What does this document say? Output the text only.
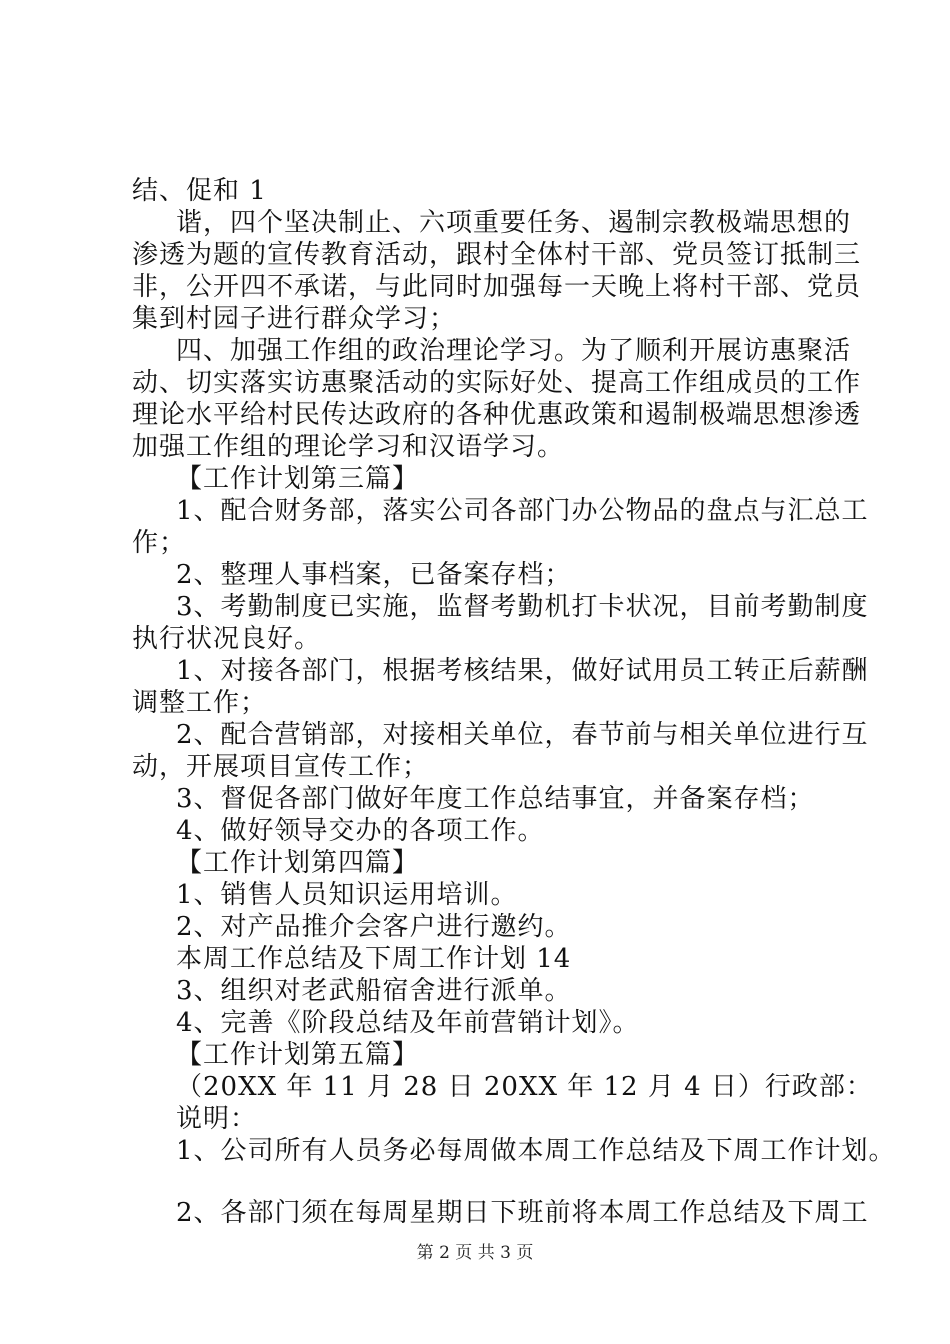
结、促和 1
谐，四个坚决制止、六项重要任务、遏制宗教极端思想的
渗透为题的宣传教育活动，跟村全体村干部、党员签订抵制三
非，公开四不承诺，与此同时加强每一天晚上将村干部、党员
集到村园子进行群众学习；
四、加强工作组的政治理论学习。为了顺利开展访惠聚活
动、切实落实访惠聚活动的实际好处、提高工作组成员的工作
理论水平给村民传达政府的各种优惠政策和遏制极端思想渗透
加强工作组的理论学习和汉语学习。
【工作计划第三篇】
1、配合财务部，落实公司各部门办公物品的盘点与汇总工
作；
2、整理人事档案，已备案存档；
3、考勤制度已实施，监督考勤机打卡状况，目前考勤制度
执行状况良好。
1、对接各部门，根据考核结果，做好试用员工转正后薪酬
调整工作；
2、配合营销部，对接相关单位，春节前与相关单位进行互
动，开展项目宣传工作；
3、督促各部门做好年度工作总结事宜，并备案存档；
4、做好领导交办的各项工作。
【工作计划第四篇】
1、销售人员知识运用培训。
2、对产品推介会客户进行邀约。
本周工作总结及下周工作计划 14
3、组织对老武船宿舍进行派单。
4、完善《阶段总结及年前营销计划》。
【工作计划第五篇】
（20XX 年 11 月 28 日 20XX 年 12 月 4 日）行政部：
说明：
1、公司所有人员务必每周做本周工作总结及下周工作计划。
2、各部门须在每周星期日下班前将本周工作总结及下周工
第 2 页 共 3 页
